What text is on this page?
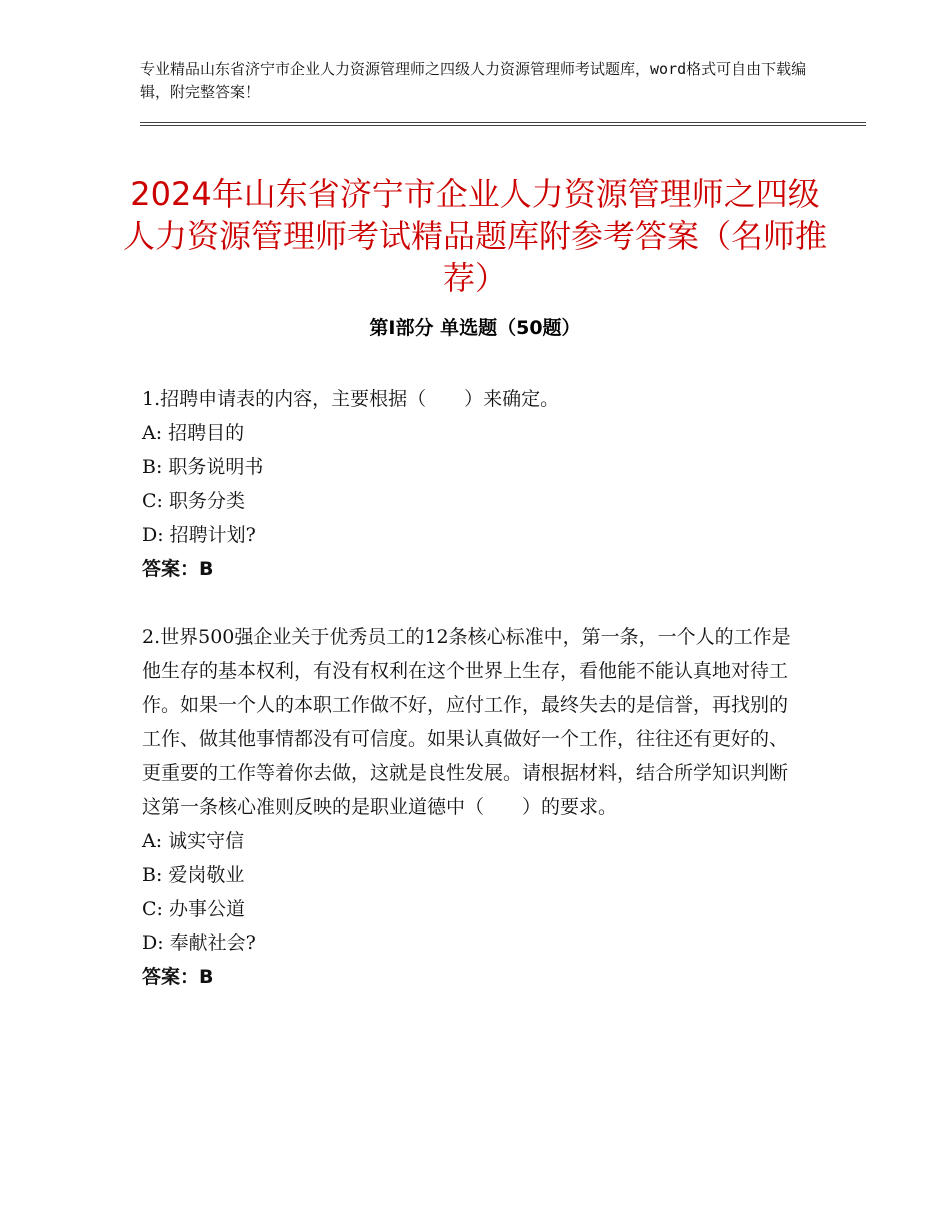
专业精品山东省济宁市企业人力资源管理师之四级人力资源管理师考试题库，word格式可自由下载编辑，附完整答案！
2024年山东省济宁市企业人力资源管理师之四级人力资源管理师考试精品题库附参考答案（名师推荐）
第Ⅰ部分 单选题（50题）

1.招聘申请表的内容，主要根据（　　）来确定。

A: 招聘目的

B: 职务说明书

C: 职务分类

D: 招聘计划?

答案：B

2.世界500强企业关于优秀员工的12条核心标准中，第一条，一个人的工作是他生存的基本权利，有没有权利在这个世界上生存，看他能不能认真地对待工作。如果一个人的本职工作做不好，应付工作，最终失去的是信誉，再找别的工作、做其他事情都没有可信度。如果认真做好一个工作，往往还有更好的、更重要的工作等着你去做，这就是良性发展。请根据材料，结合所学知识判断这第一条核心准则反映的是职业道德中（　　）的要求。

A: 诚实守信

B: 爱岗敬业

C: 办事公道

D: 奉献社会?

答案：B
